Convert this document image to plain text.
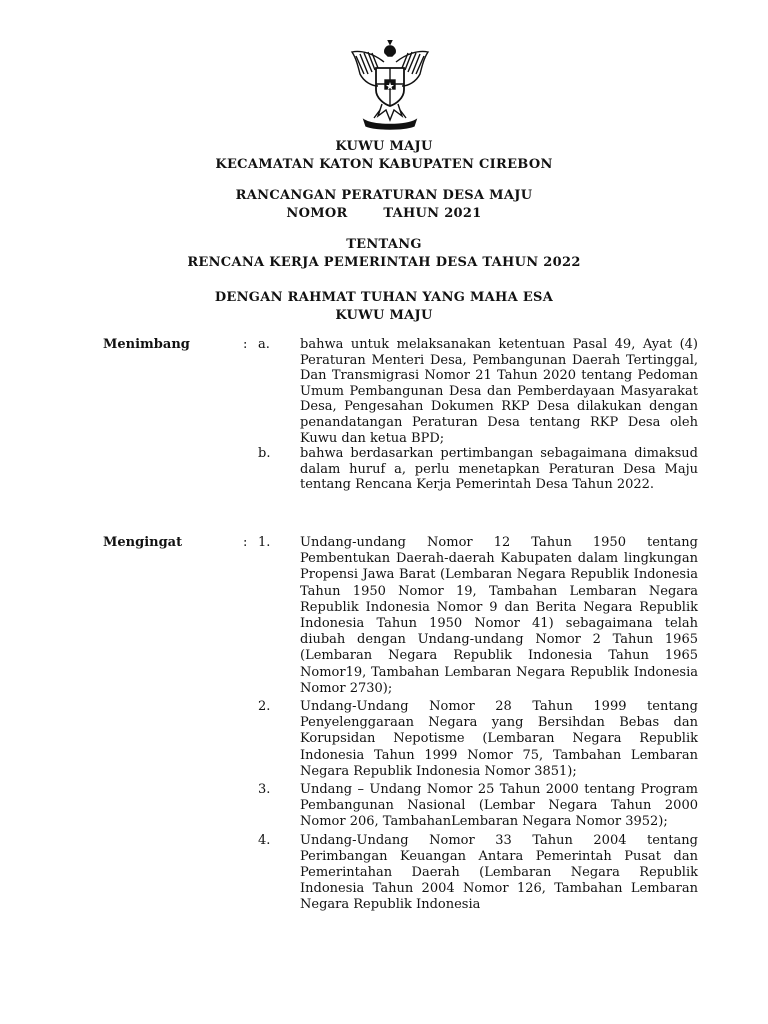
KUWU MAJU
KECAMATAN KATON KABUPATEN CIREBON
RANCANGAN PERATURAN DESA MAJU
NOMOR	TAHUN 2021
TENTANG
RENCANA KERJA PEMERINTAH DESA TAHUN 2022
DENGAN RAHMAT TUHAN YANG MAHA ESA
KUWU MAJU
Menimbang	: a.	bahwa untuk melaksanakan ketentuan Pasal 49, Ayat (4) Peraturan Menteri Desa, Pembangunan Daerah Tertinggal, Dan Transmigrasi Nomor 21 Tahun 2020 tentang Pedoman Umum Pembangunan Desa dan Pemberdayaan Masyarakat Desa, Pengesahan Dokumen RKP Desa dilakukan dengan penandatangan Peraturan Desa tentang RKP Desa oleh Kuwu dan ketua BPD;
b.	bahwa berdasarkan pertimbangan sebagaimana dimaksud dalam huruf a, perlu menetapkan Peraturan Desa Maju tentang Rencana Kerja Pemerintah Desa Tahun 2022.
Mengingat	: 1.	Undang-undang Nomor 12 Tahun 1950 tentang Pembentukan Daerah-daerah Kabupaten dalam lingkungan Propensi Jawa Barat (Lembaran Negara Republik Indonesia Tahun 1950 Nomor 19, Tambahan Lembaran Negara Republik Indonesia Nomor 9 dan Berita Negara Republik Indonesia Tahun 1950 Nomor 41) sebagaimana telah diubah dengan Undang-undang Nomor 2 Tahun 1965 (Lembaran Negara Republik Indonesia Tahun 1965 Nomor19, Tambahan Lembaran Negara Republik Indonesia Nomor 2730);
2.	Undang-Undang Nomor 28 Tahun 1999 tentang Penyelenggaraan Negara yang Bersihdan Bebas dan Korupsidan Nepotisme (Lembaran Negara Republik Indonesia Tahun 1999 Nomor 75, Tambahan Lembaran Negara Republik Indonesia Nomor 3851);
3.	Undang – Undang Nomor 25 Tahun 2000 tentang Program Pembangunan Nasional (Lembar Negara Tahun 2000 Nomor 206, TambahanLembaran Negara Nomor 3952);
4.	Undang-Undang Nomor 33 Tahun 2004 tentang Perimbangan Keuangan Antara Pemerintah Pusat dan Pemerintahan Daerah (Lembaran Negara Republik Indonesia Tahun 2004 Nomor 126, Tambahan Lembaran Negara Republik Indonesia
